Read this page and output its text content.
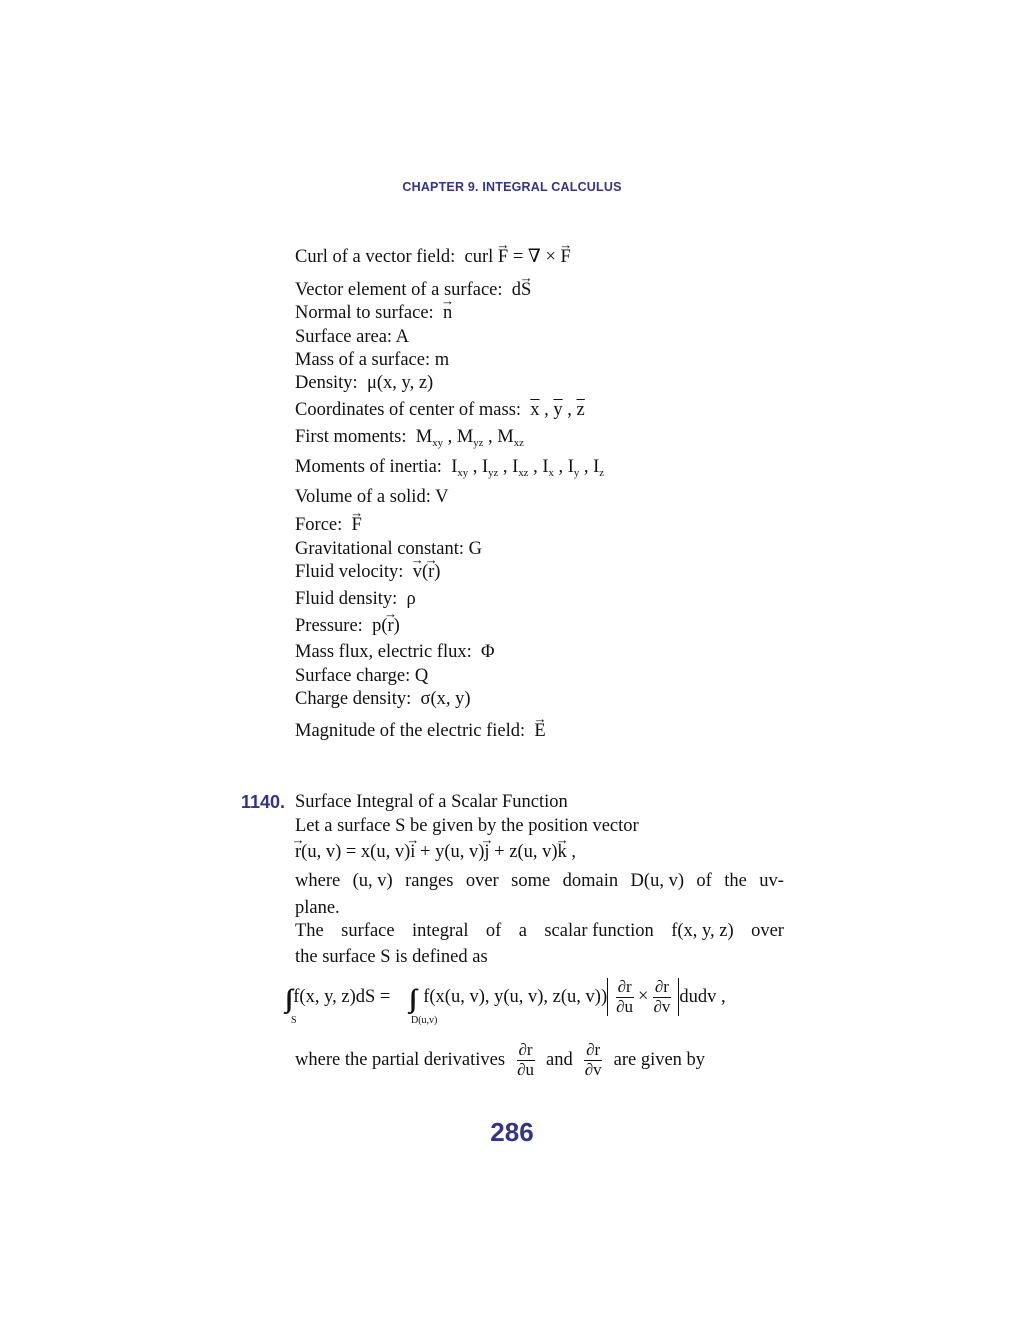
CHAPTER 9. INTEGRAL CALCULUS
Curl of a vector field: curl → F = ∇ × → F
Vector element of a surface: d→ S
Normal to surface: → n
Surface area: A
Mass of a surface: m
Density: μ(x, y, z)
Coordinates of center of mass: $\overline{x}$ , $\overline{y}$ , $\overline{z}$
First moments: $M_{xy}$ , $M_{yz}$ , $M_{xz}$
Moments of inertia: $I_{xy}$ , $I_{yz}$ , $I_{xz}$ , $I_x$ , $I_y$ , $I_z$
Volume of a solid: V
Force: → F
Gravitational constant: G
Fluid velocity: → v(→ r)
Fluid density: ρ
Pressure: p(→ r)
Mass flux, electric flux: Φ
Surface charge: Q
Charge density: σ(x, y)
Magnitude of the electric field: → E
1140. Surface Integral of a Scalar Function
Let a surface S be given by the position vector
→ r(u, v) = x(u, v)→ i + y(u, v)→ j + z(u, v)→ k ,
where (u, v) ranges over some domain D(u, v) of the uv-
plane.
The surface integral of a scalar function f(x, y, z) over
the surface S is defined as
∫∫ f(x, y, z)dS = ∫∫ f(x(u, v), y(u, v), z(u, $v)) \frac{\partial r}{\partial u} \times \frac{\partial r}{\partial v}$ dudv ,
S	D(u,v)
where the partial derivatives $\frac{\partial r}{\partial u}$ and $\frac{\partial r}{\partial v}$ are given by
286
